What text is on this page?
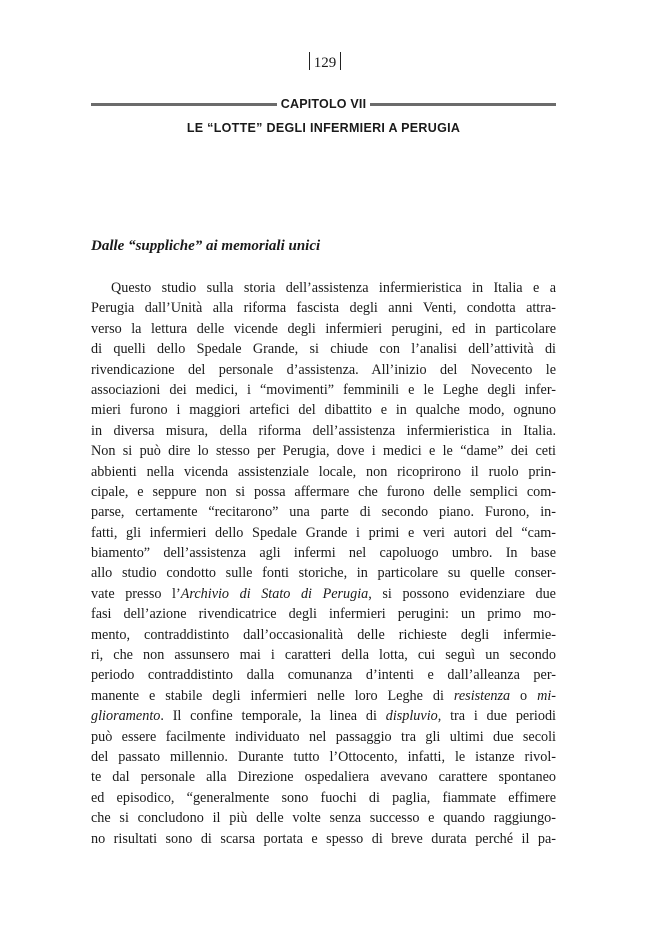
129
CAPITOLO VII
LE “LOTTE” DEGLI INFERMIERI A PERUGIA
Dalle “suppliche” ai memoriali unici
Questo studio sulla storia dell’assistenza infermieristica in Italia e a
Perugia dall’Unità alla riforma fascista degli anni Venti, condotta attra-
verso la lettura delle vicende degli infermieri perugini, ed in particolare
di quelli dello Spedale Grande, si chiude con l’analisi dell’attività di
rivendicazione del personale d’assistenza. All’inizio del Novecento le
associazioni dei medici, i “movimenti” femminili e le Leghe degli infer-
mieri furono i maggiori artefici del dibattito e in qualche modo, ognuno
in diversa misura, della riforma dell’assistenza infermieristica in Italia.
Non si può dire lo stesso per Perugia, dove i medici e le “dame” dei ceti
abbienti nella vicenda assistenziale locale, non ricoprirono il ruolo prin-
cipale, e seppure non si possa affermare che furono delle semplici com-
parse, certamente “recitarono” una parte di secondo piano. Furono, in-
fatti, gli infermieri dello Spedale Grande i primi e veri autori del “cam-
biamento” dell’assistenza agli infermi nel capoluogo umbro. In base
allo studio condotto sulle fonti storiche, in particolare su quelle conser-
vate presso l’Archivio di Stato di Perugia, si possono evidenziare due
fasi dell’azione rivendicatrice degli infermieri perugini: un primo mo-
mento, contraddistinto dall’occasionalità delle richieste degli infermie-
ri, che non assunsero mai i caratteri della lotta, cui seguì un secondo
periodo contraddistinto dalla comunanza d’intenti e dall’alleanza per-
manente e stabile degli infermieri nelle loro Leghe di resistenza o mi-
glioramento. Il confine temporale, la linea di displuvio, tra i due periodi
può essere facilmente individuato nel passaggio tra gli ultimi due secoli
del passato millennio. Durante tutto l’Ottocento, infatti, le istanze rivol-
te dal personale alla Direzione ospedaliera avevano carattere spontaneo
ed episodico, “generalmente sono fuochi di paglia, fiammate effimere
che si concludono il più delle volte senza successo e quando raggiungo-
no risultati sono di scarsa portata e spesso di breve durata perché il pa-
